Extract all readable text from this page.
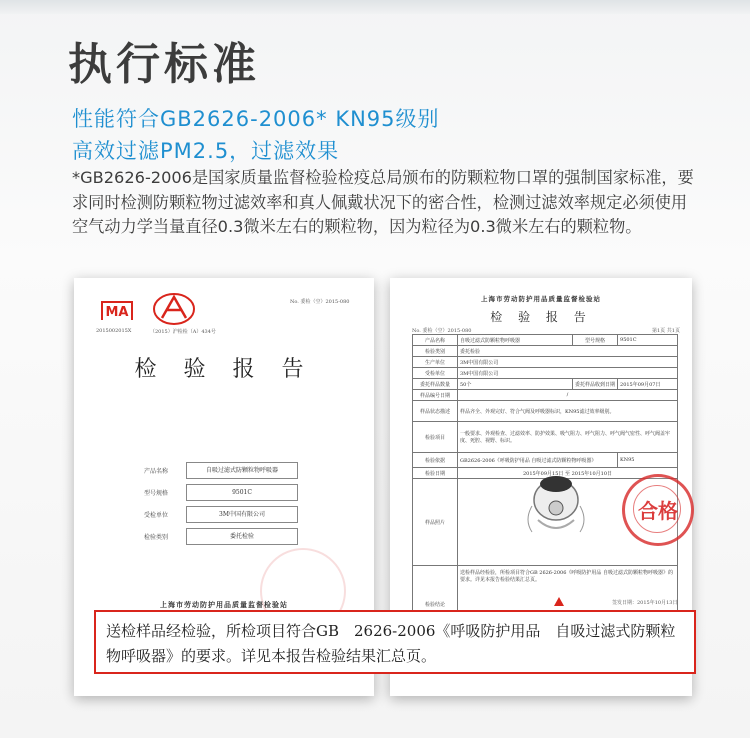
执行标准
性能符合GB2626-2006* KN95级别
高效过滤PM2.5，过滤效果
*GB2626-2006是国家质量监督检验检疫总局颁布的防颗粒物口罩的强制国家标准，要求同时检测防颗粒物过滤效率和真人佩戴状况下的密合性，检测过滤效率规定必须使用空气动力学当量直径0.3微米左右的颗粒物，因为粒径为0.3微米左右的颗粒物。
MA
No. 委检（空）2015-080
2015002015X	（2015）沪检检（A）434号
检 验 报 告
产品名称	自吸过滤式防颗粒物呼吸器
型号规格	9501C
受检单位	3M中国有限公司
检验类别	委托检验
上海市劳动防护用品质量监督检验站
上海市劳动防护用品质量监督检验站
检 验 报 告
No. 委检（空）2015-080	第1页 共1页
产品名称	自吸过滤式防颗粒物呼吸器	型号规格	9501C
检验类别	委托检验		
生产单位	3M中国有限公司		
受检单位	3M中国有限公司		
委托样品数量	50个	委托样品收到日期	2015年09月07日
样品编号日期	/		
样品状态描述	样品齐全、外观完好、符合气阀及呼吸器标识，KN95滤过效率级别。		
检验项目	一般要求、外观检查、过滤效率、防护效果、吸气阻力、呼气阻力、呼气阀气密性、呼气阀盖牢度、死腔、视野、标识。		
检验依据	GB2626-2006《呼吸防护用品 自吸过滤式防颗粒物呼吸器》		KN95
检验日期	2015年09月15日 至 2015年10月10日		
样品照片			
检验结论	送检样品经检验，所检项目符合GB 2626-2006《呼吸防护用品 自吸过滤式防颗粒物呼吸器》的要求。详见本报告检验结果汇总页。		
合格
签发日期：2015年10月13日
送检样品经检验，所检项目符合GB　2626-2006《呼吸防护用品　自吸过滤式防颗粒物呼吸器》的要求。详见本报告检验结果汇总页。
